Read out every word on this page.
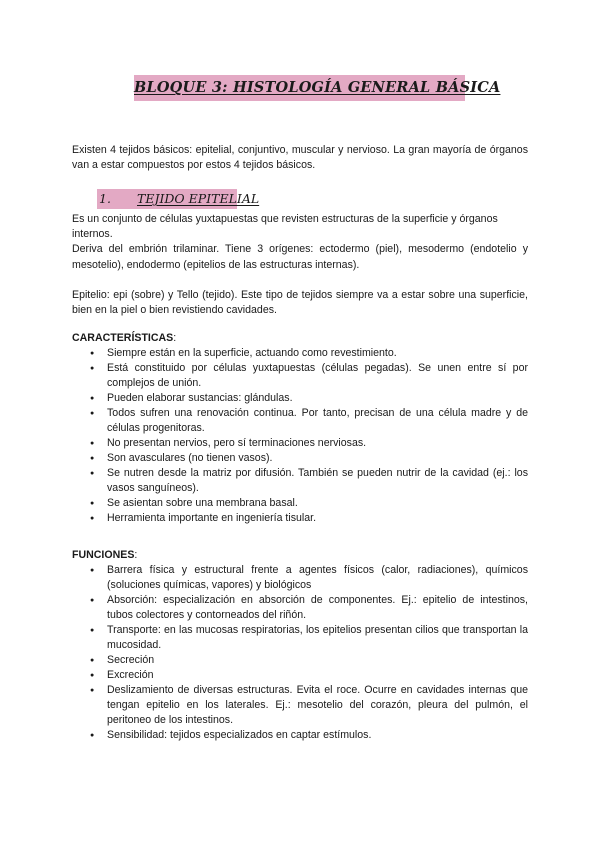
BLOQUE 3: HISTOLOGÍA GENERAL BÁSICA
Existen 4 tejidos básicos: epitelial, conjuntivo, muscular y nervioso. La gran mayoría de órganos van a estar compuestos por estos 4 tejidos básicos.
1. TEJIDO EPITELIAL
Es un conjunto de células yuxtapuestas que revisten estructuras de la superficie y órganos internos.
Deriva del embrión trilaminar. Tiene 3 orígenes: ectodermo (piel), mesodermo (endotelio y mesotelio), endodermo (epitelios de las estructuras internas).
Epitelio: epi (sobre) y Tello (tejido). Este tipo de tejidos siempre va a estar sobre una superficie, bien en la piel o bien revistiendo cavidades.
CARACTERÍSTICAS:
● Siempre están en la superficie, actuando como revestimiento.
● Está constituido por células yuxtapuestas (células pegadas). Se unen entre sí por complejos de unión.
● Pueden elaborar sustancias: glándulas.
● Todos sufren una renovación continua. Por tanto, precisan de una célula madre y de células progenitoras.
● No presentan nervios, pero sí terminaciones nerviosas.
● Son avasculares (no tienen vasos).
● Se nutren desde la matriz por difusión. También se pueden nutrir de la cavidad (ej.: los vasos sanguíneos).
● Se asientan sobre una membrana basal.
● Herramienta importante en ingeniería tisular.
FUNCIONES:
● Barrera física y estructural frente a agentes físicos (calor, radiaciones), químicos (soluciones químicas, vapores) y biológicos
● Absorción: especialización en absorción de componentes. Ej.: epitelio de intestinos, tubos colectores y contorneados del riñón.
● Transporte: en las mucosas respiratorias, los epitelios presentan cilios que transportan la mucosidad.
● Secreción
● Excreción
● Deslizamiento de diversas estructuras. Evita el roce. Ocurre en cavidades internas que tengan epitelio en los laterales. Ej.: mesotelio del corazón, pleura del pulmón, el peritoneo de los intestinos.
● Sensibilidad: tejidos especializados en captar estímulos.
